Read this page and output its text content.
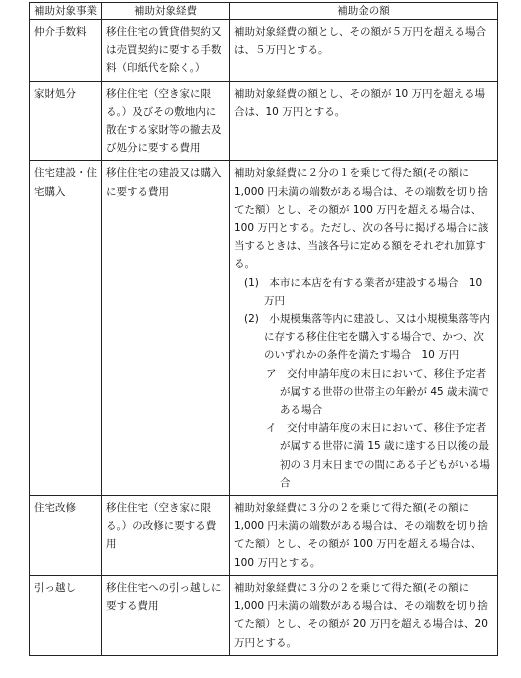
補助対象事業	補助対象経費	補助金の額
仲介手数料	移住住宅の賃貸借契約又は売買契約に要する手数料（印紙代を除く。）	補助対象経費の額とし、その額が５万円を超える場合は、５万円とする。
家財処分	移住住宅（空き家に限る。）及びその敷地内に散在する家財等の撤去及び処分に要する費用	補助対象経費の額とし、その額が 10 万円を超える場合は、10 万円とする。
住宅建設・住宅購入	移住住宅の建設又は購入に要する費用	補助対象経費に２分の１を乗じて得た額(その額に 1,000 円未満の端数がある場合は、その端数を切り捨てた額）とし、その額が 100 万円を超える場合は、100 万円とする。ただし、次の各号に掲げる場合に該当するときは、当該各号に定める額をそれぞれ加算する。

(1)　 本市に本店を有する業者が建設する場合　10 万円

(2)　 小規模集落等内に建設し、又は小規模集落等内に存する移住住宅を購入する場合で、かつ、次のいずれかの条件を満たす場合　10 万円

ア　 交付申請年度の末日において、移住予定者が属する世帯の世帯主の年齢が 45 歳未満である場合

イ　 交付申請年度の末日において、移住予定者が属する世帯に満 15 歳に達する日以後の最初の３月末日までの間にある子どもがいる場合

住宅改修	移住住宅（空き家に限る。）の改修に要する費用	補助対象経費に３分の２を乗じて得た額(その額に 1,000 円未満の端数がある場合は、その端数を切り捨てた額）とし、その額が 100 万円を超える場合は、100 万円とする。
引っ越し	移住住宅への引っ越しに要する費用	補助対象経費に３分の２を乗じて得た額(その額に 1,000 円未満の端数がある場合は、その端数を切り捨てた額）とし、その額が 20 万円を超える場合は、20 万円とする。
